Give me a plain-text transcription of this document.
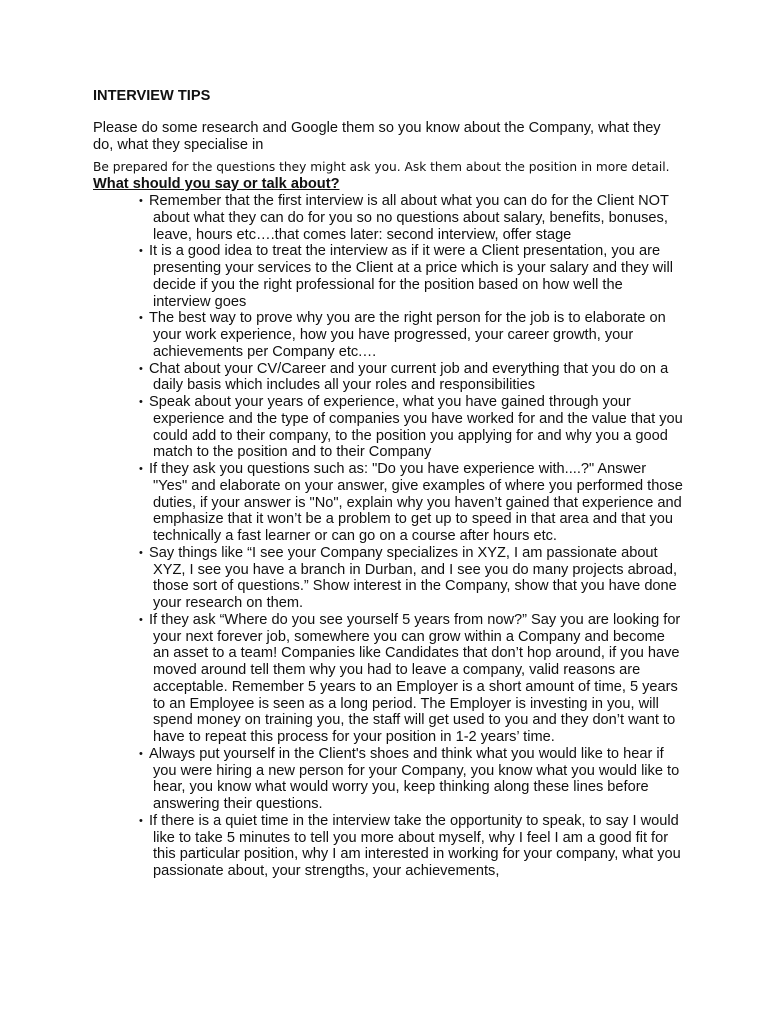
INTERVIEW TIPS
Please do some research and Google them so you know about the Company, what they do, what they specialise in
Be prepared for the questions they might ask you. Ask them about the position in more detail.
What should you say or talk about?
• Remember that the first interview is all about what you can do for the Client NOT about what they can do for you so no questions about salary, benefits, bonuses, leave, hours etc….that comes later: second interview, offer stage
• It is a good idea to treat the interview as if it were a Client presentation, you are presenting your services to the Client at a price which is your salary and they will decide if you the right professional for the position based on how well the interview goes
• The best way to prove why you are the right person for the job is to elaborate on your work experience, how you have progressed, your career growth, your achievements per Company etc.…
• Chat about your CV/Career and your current job and everything that you do on a daily basis which includes all your roles and responsibilities
• Speak about your years of experience, what you have gained through your experience and the type of companies you have worked for and the value that you could add to their company, to the position you applying for and why you a good match to the position and to their Company
• If they ask you questions such as: "Do you have experience with....?" Answer "Yes" and elaborate on your answer, give examples of where you performed those duties, if your answer is "No", explain why you haven’t gained that experience and emphasize that it won’t be a problem to get up to speed in that area and that you technically a fast learner or can go on a course after hours etc.
• Say things like “I see your Company specializes in XYZ, I am passionate about XYZ, I see you have a branch in Durban, and I see you do many projects abroad, those sort of questions.” Show interest in the Company, show that you have done your research on them.
• If they ask “Where do you see yourself 5 years from now?” Say you are looking for your next forever job, somewhere you can grow within a Company and become an asset to a team! Companies like Candidates that don’t hop around, if you have moved around tell them why you had to leave a company, valid reasons are acceptable. Remember 5 years to an Employer is a short amount of time, 5 years to an Employee is seen as a long period. The Employer is investing in you, will spend money on training you, the staff will get used to you and they don’t want to have to repeat this process for your position in 1-2 years’ time.
• Always put yourself in the Client's shoes and think what you would like to hear if you were hiring a new person for your Company, you know what you would like to hear, you know what would worry you, keep thinking along these lines before answering their questions.
• If there is a quiet time in the interview take the opportunity to speak, to say I would like to take 5 minutes to tell you more about myself, why I feel I am a good fit for this particular position, why I am interested in working for your company, what you passionate about, your strengths, your achievements,
